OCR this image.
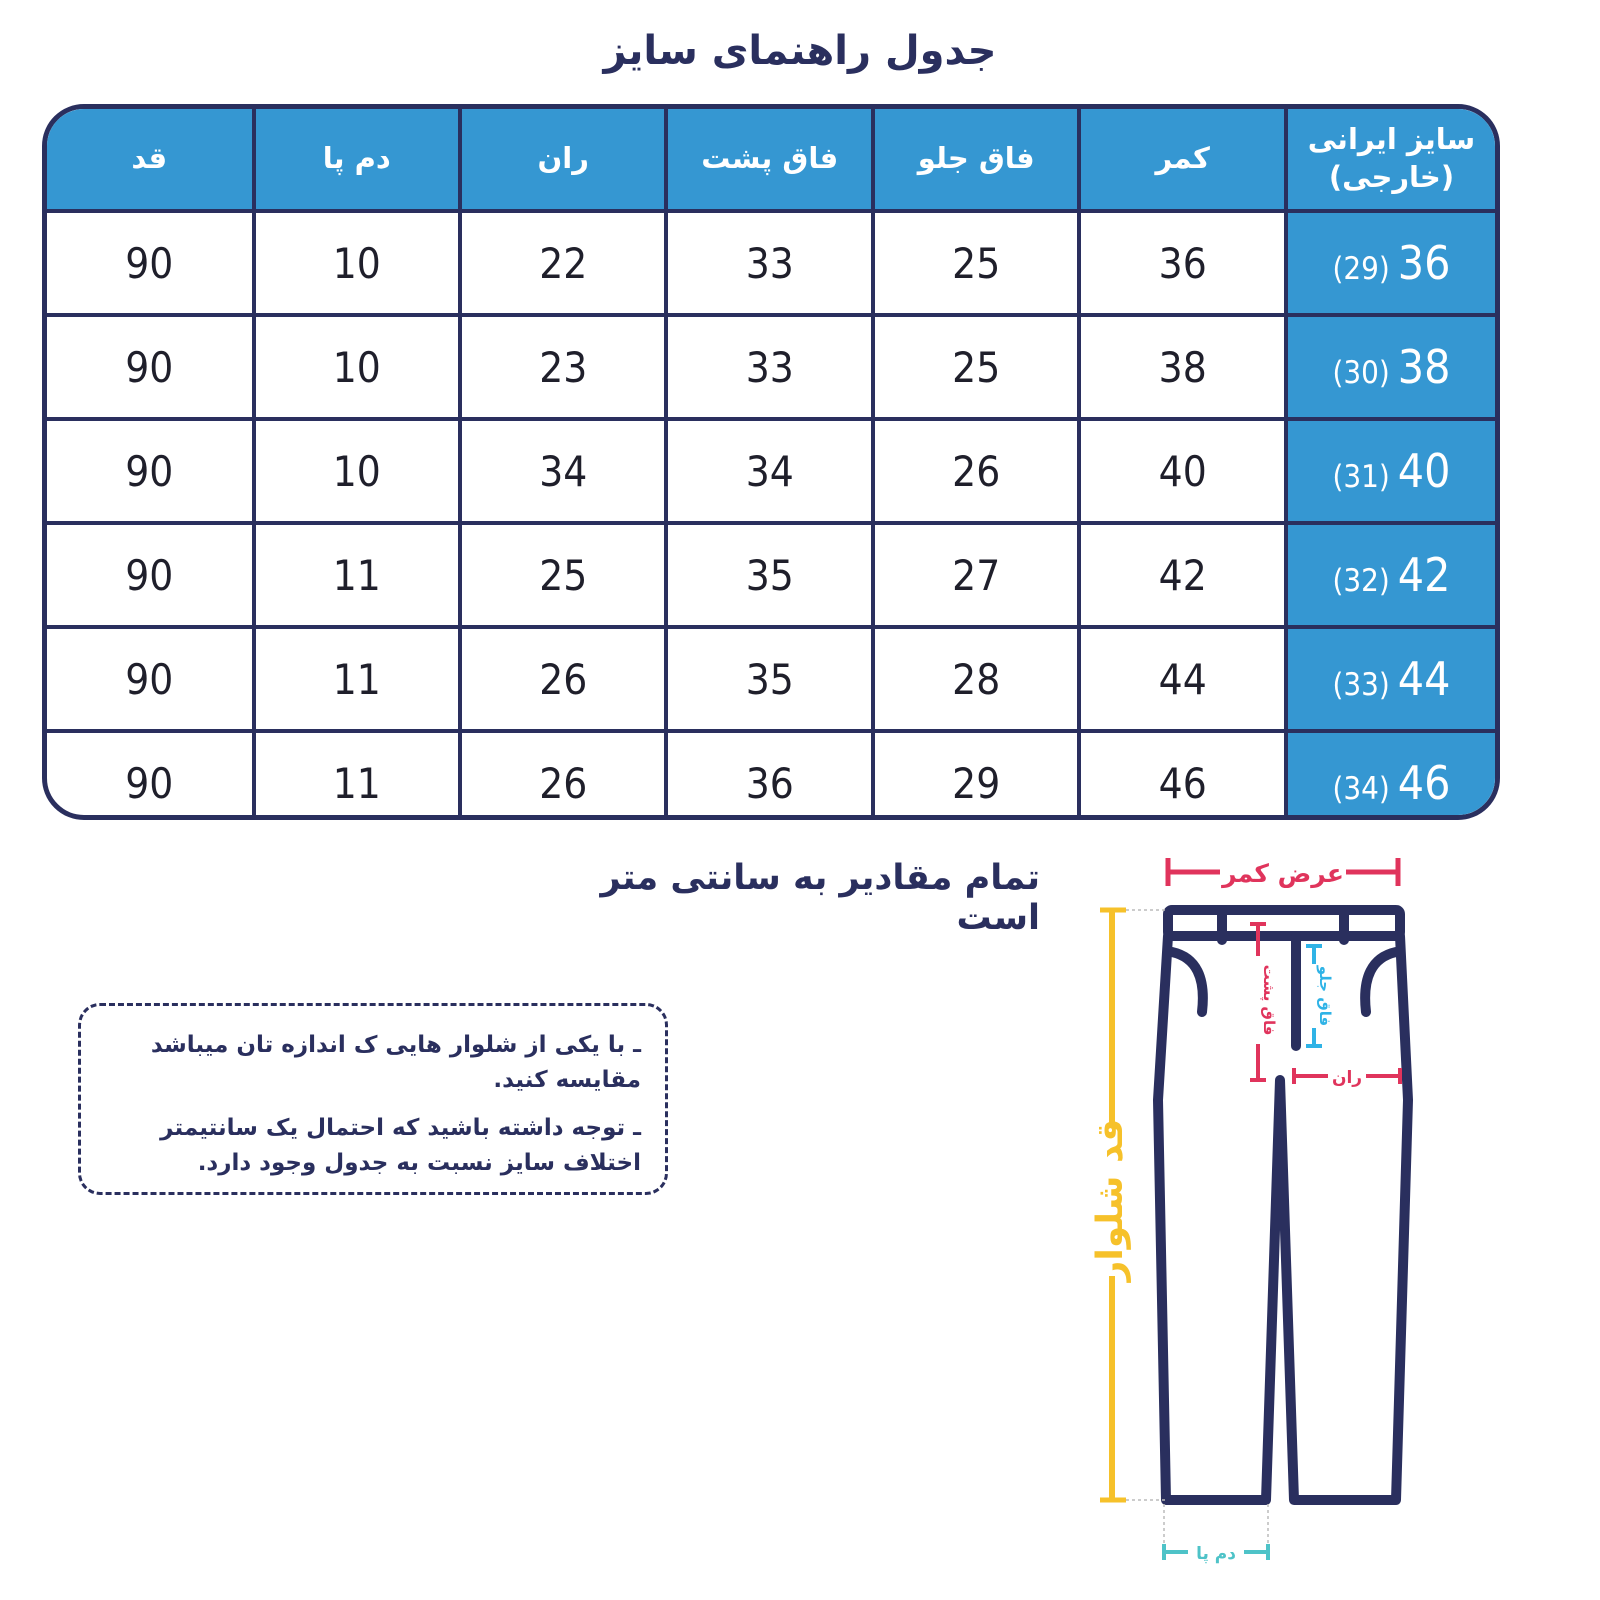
جدول راهنمای سایز
سایز ایرانی (خارجی)	کمر	فاق جلو	فاق پشت	ران	دم پا	قد
(29) 36	36	25	33	22	10	90
(30) 38	38	25	33	23	10	90
(31) 40	40	26	34	34	10	90
(32) 42	42	27	35	25	11	90
(33) 44	44	28	35	26	11	90
(34) 46	46	29	36	26	11	90
تمام مقادیر به سانتی متر است

ـ با یکی از شلوار هایی ک اندازه تان میباشد مقایسه کنید.

ـ توجه داشته باشید که احتمال یک سانتیمتر اختلاف سایز نسبت به جدول وجود دارد.

عرض کمر
قد شلوار
فاق پشت	فاق جلو
ران
دم پا
